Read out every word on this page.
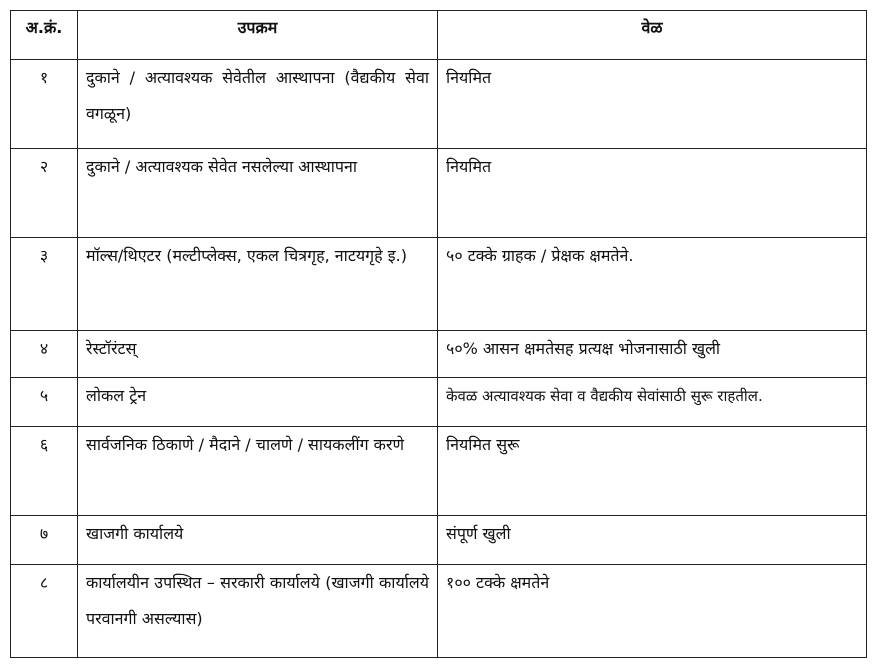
अ.क्रं.	उपक्रम	वेळ
१	दुकाने / अत्यावश्यक सेवेतील आस्थापना (वैद्यकीय सेवा वगळून)	नियमित
२	दुकाने / अत्यावश्यक सेवेत नसलेल्या आस्थापना	नियमित
३	मॉल्स/थिएटर (मल्टीप्लेक्स, एकल चित्रगृह, नाटयगृहे इ.)	५० टक्के ग्राहक / प्रेक्षक क्षमतेने.
४	रेस्टॉरंटस्	५०% आसन क्षमतेसह प्रत्यक्ष भोजनासाठी खुली
५	लोकल ट्रेन	केवळ अत्यावश्यक सेवा व वैद्यकीय सेवांसाठी सुरू राहतील.
६	सार्वजनिक ठिकाणे / मैदाने / चालणे / सायकलींग करणे	नियमित सुरू
७	खाजगी कार्यालये	संपूर्ण खुली
८	कार्यालयीन उपस्थित – सरकारी कार्यालये (खाजगी कार्यालये परवानगी असल्यास)	१०० टक्के क्षमतेने
